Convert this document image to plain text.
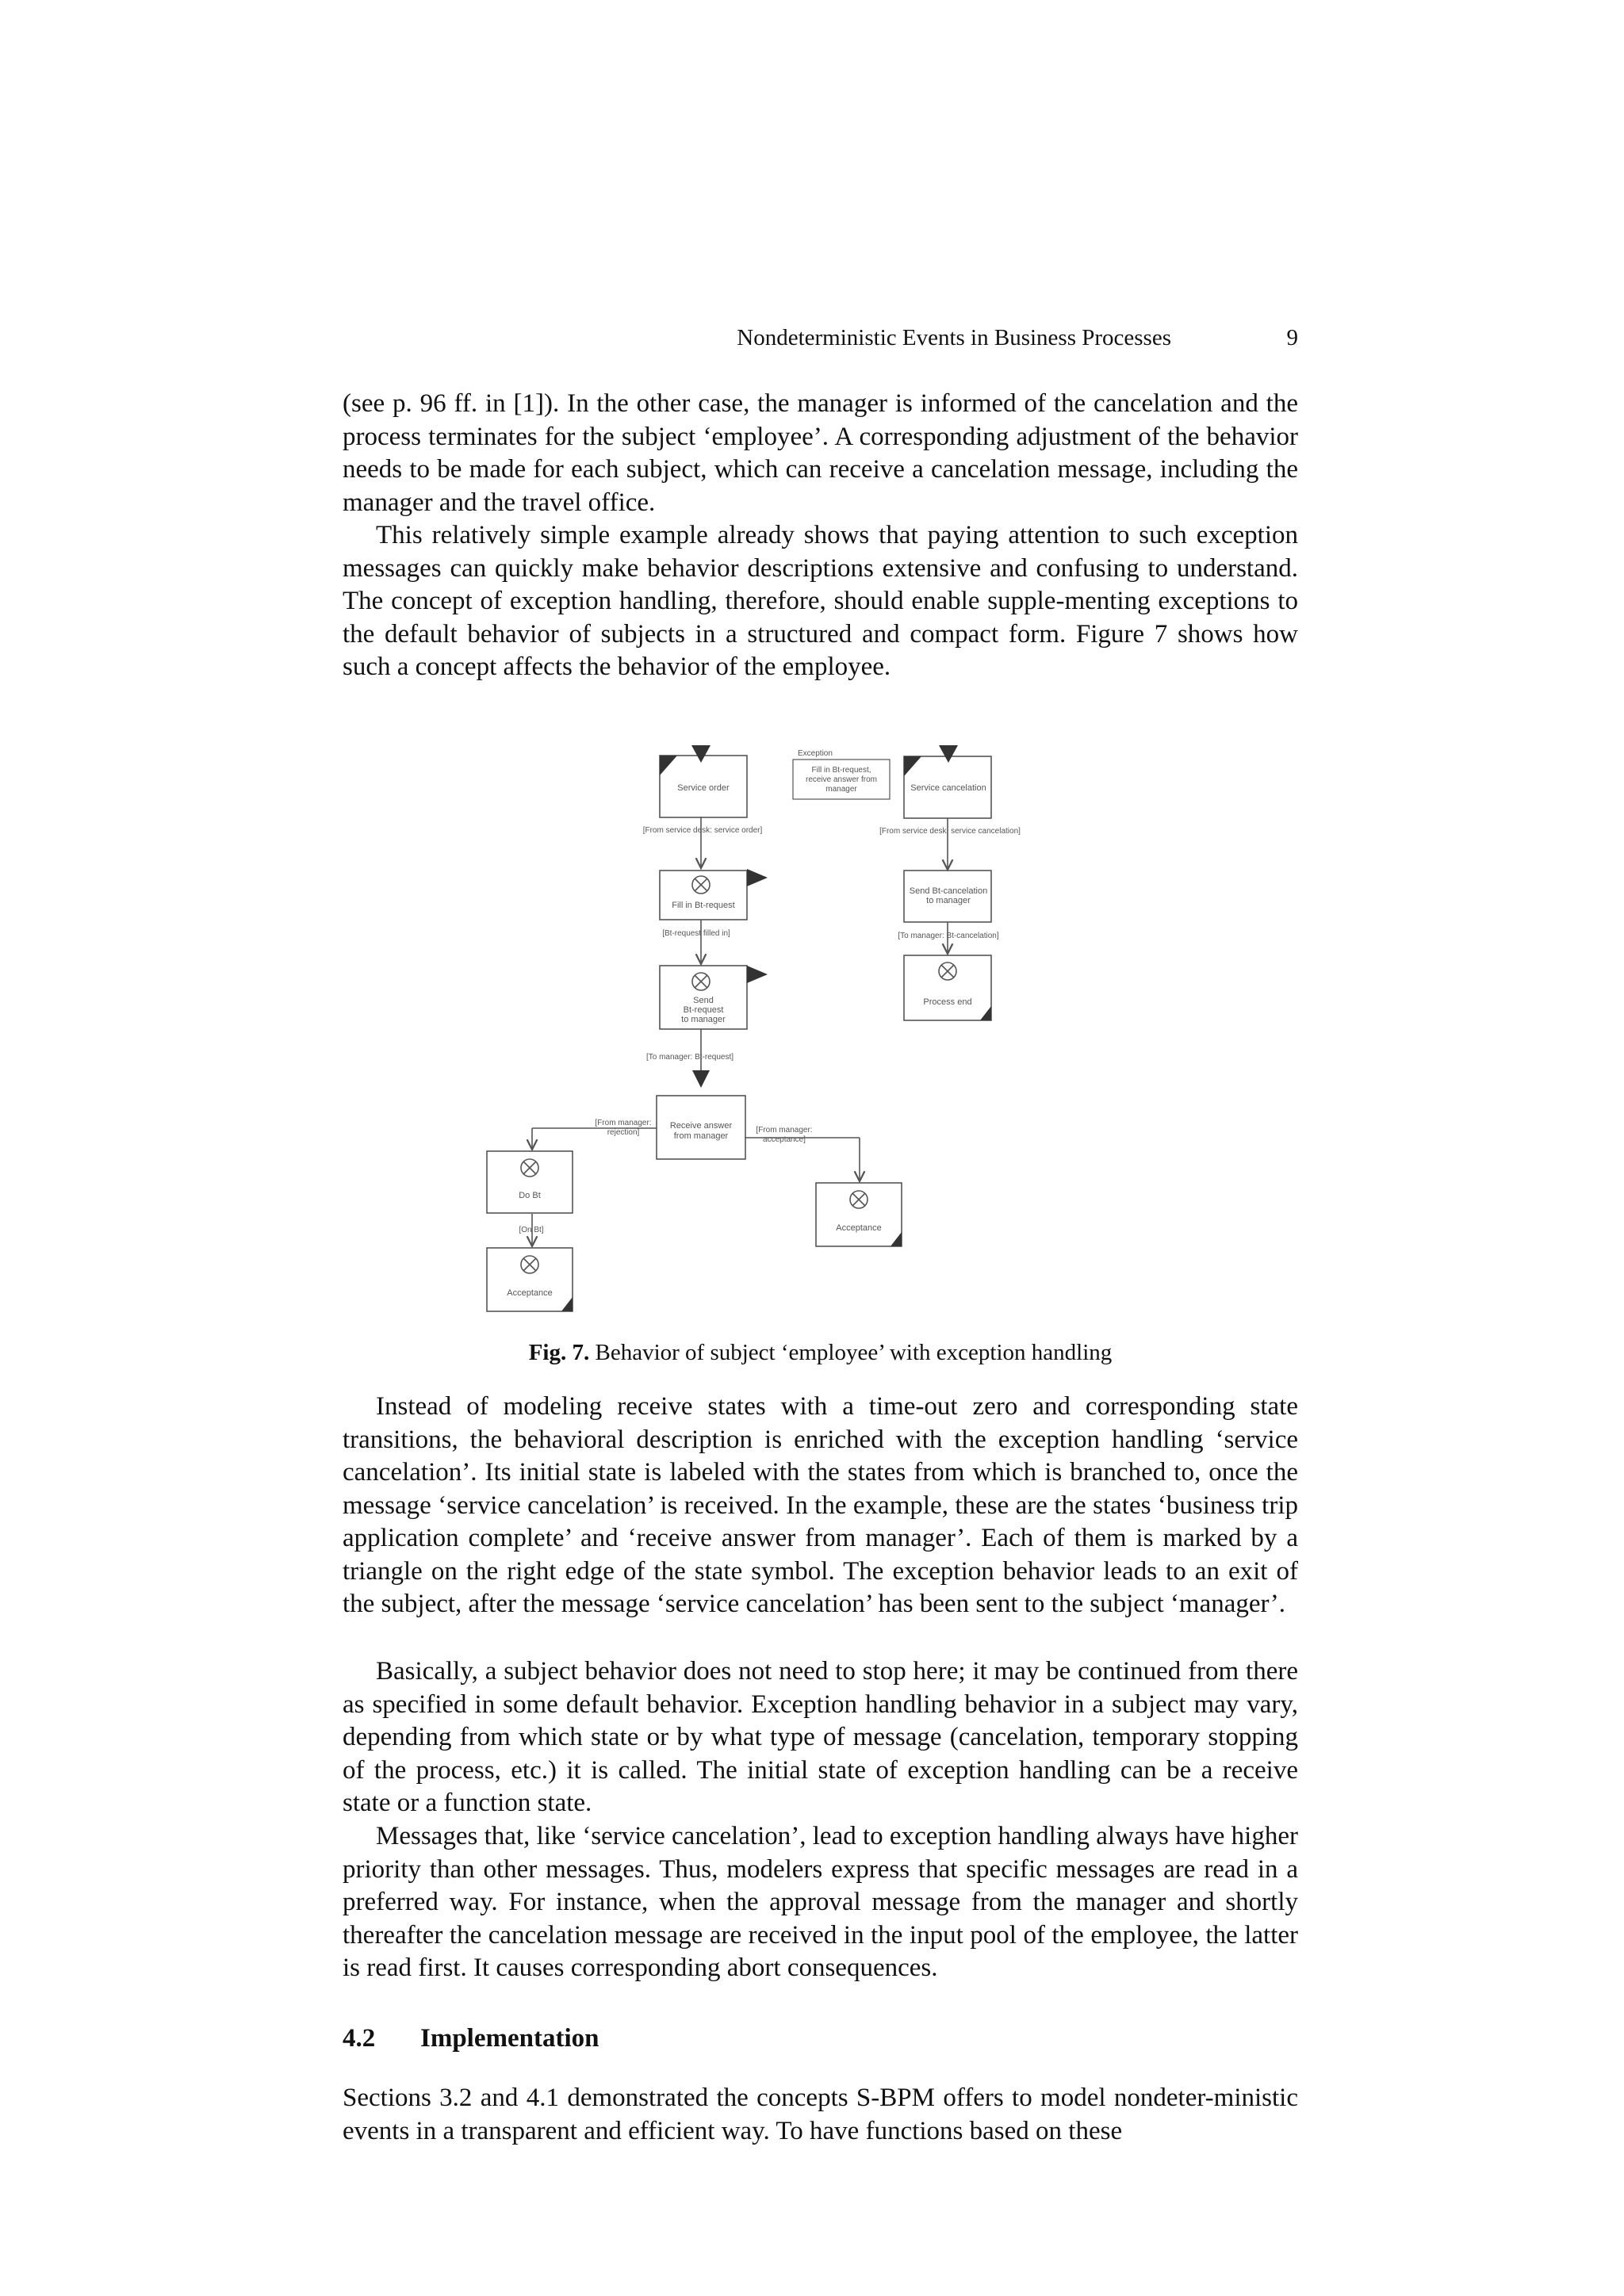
Nondeterministic Events in Business Processes	9

(see p. 96 ff. in [1]). In the other case, the manager is informed of the cancelation and the process terminates for the subject ‘employee’. A corresponding adjustment of the behavior needs to be made for each subject, which can receive a cancelation message, including the manager and the travel office.

This relatively simple example already shows that paying attention to such exception messages can quickly make behavior descriptions extensive and confusing to understand. The concept of exception handling, therefore, should enable supple-menting exceptions to the default behavior of subjects in a structured and compact form. Figure 7 shows how such a concept affects the behavior of the employee.

Service order
Fill in Bt-request
Send
Bt-request
to manager
Receive answer
from manager
Do Bt
Acceptance
Acceptance
Service cancelation
Send Bt-cancelation
to manager
Process end
Exception
Fill in Bt-request,
receive answer from
manager
[From service desk: service order]
[Bt-request filled in]
[To manager: Bt-request]
[From manager:
rejection]	[From manager:
acceptance]
[On Bt]
[From service desk: service cancelation]
[To manager: Bt-cancelation]
Fig. 7. Behavior of subject ‘employee’ with exception handling

Instead of modeling receive states with a time-out zero and corresponding state transitions, the behavioral description is enriched with the exception handling ‘service cancelation’. Its initial state is labeled with the states from which is branched to, once the message ‘service cancelation’ is received. In the example, these are the states ‘business trip application complete’ and ‘receive answer from manager’. Each of them is marked by a triangle on the right edge of the state symbol. The exception behavior leads to an exit of the subject, after the message ‘service cancelation’ has been sent to the subject ‘manager’.

Basically, a subject behavior does not need to stop here; it may be continued from there as specified in some default behavior. Exception handling behavior in a subject may vary, depending from which state or by what type of message (cancelation, temporary stopping of the process, etc.) it is called. The initial state of exception handling can be a receive state or a function state.

Messages that, like ‘service cancelation’, lead to exception handling always have higher priority than other messages. Thus, modelers express that specific messages are read in a preferred way. For instance, when the approval message from the manager and shortly thereafter the cancelation message are received in the input pool of the employee, the latter is read first. It causes corresponding abort consequences.

4.2 Implementation

Sections 3.2 and 4.1 demonstrated the concepts S-BPM offers to model nondeter-ministic events in a transparent and efficient way. To have functions based on these
